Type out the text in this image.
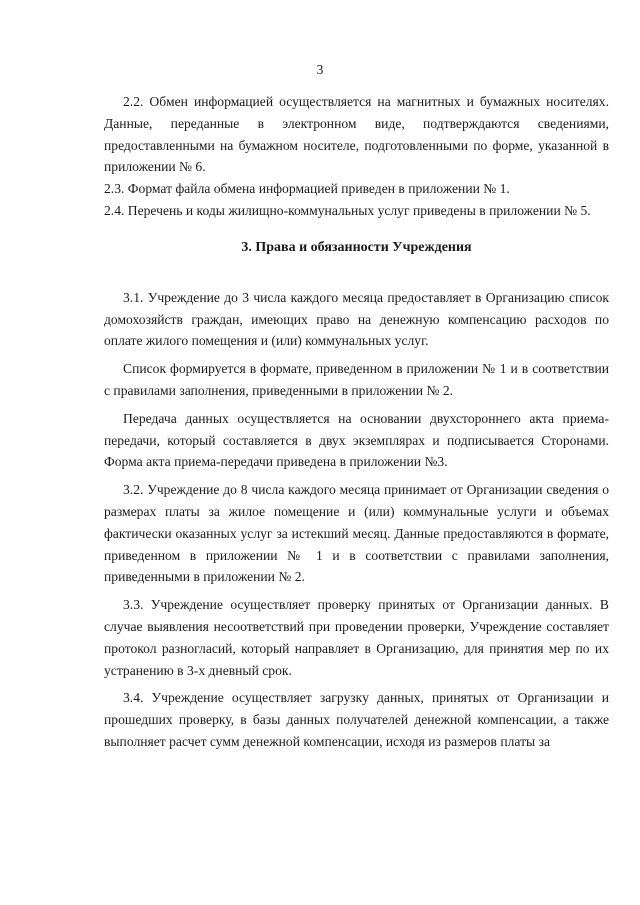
3

2.2. Обмен информацией осуществляется на магнитных и бумажных носителях. Данные, переданные в электронном виде, подтверждаются сведениями, предоставленными на бумажном носителе, подготовленными по форме, указанной в приложении № 6.

2.3. Формат файла обмена информацией приведен в приложении № 1.

2.4. Перечень и коды жилищно-коммунальных услуг приведены в приложении № 5.

3. Права и обязанности Учреждения

3.1. Учреждение до 3 числа каждого месяца предоставляет в Организацию список домохозяйств граждан, имеющих право на денежную компенсацию расходов по оплате жилого помещения и (или) коммунальных услуг.

Список формируется в формате, приведенном в приложении № 1 и в соответствии с правилами заполнения, приведенными в приложении № 2.

Передача данных осуществляется на основании двухстороннего акта приема-передачи, который составляется в двух экземплярах и подписывается Сторонами. Форма акта приема-передачи приведена в приложении №3.

3.2. Учреждение до 8 числа каждого месяца принимает от Организации сведения о размерах платы за жилое помещение и (или) коммунальные услуги и объемах фактически оказанных услуг за истекший месяц. Данные предоставляются в формате, приведенном в приложении № 1 и в соответствии с правилами заполнения, приведенными в приложении № 2.

3.3. Учреждение осуществляет проверку принятых от Организации данных. В случае выявления несоответствий при проведении проверки, Учреждение составляет протокол разногласий, который направляет в Организацию, для принятия мер по их устранению в 3-х дневный срок.

3.4. Учреждение осуществляет загрузку данных, принятых от Организации и прошедших проверку, в базы данных получателей денежной компенсации, а также выполняет расчет сумм денежной компенсации, исходя из размеров платы за
